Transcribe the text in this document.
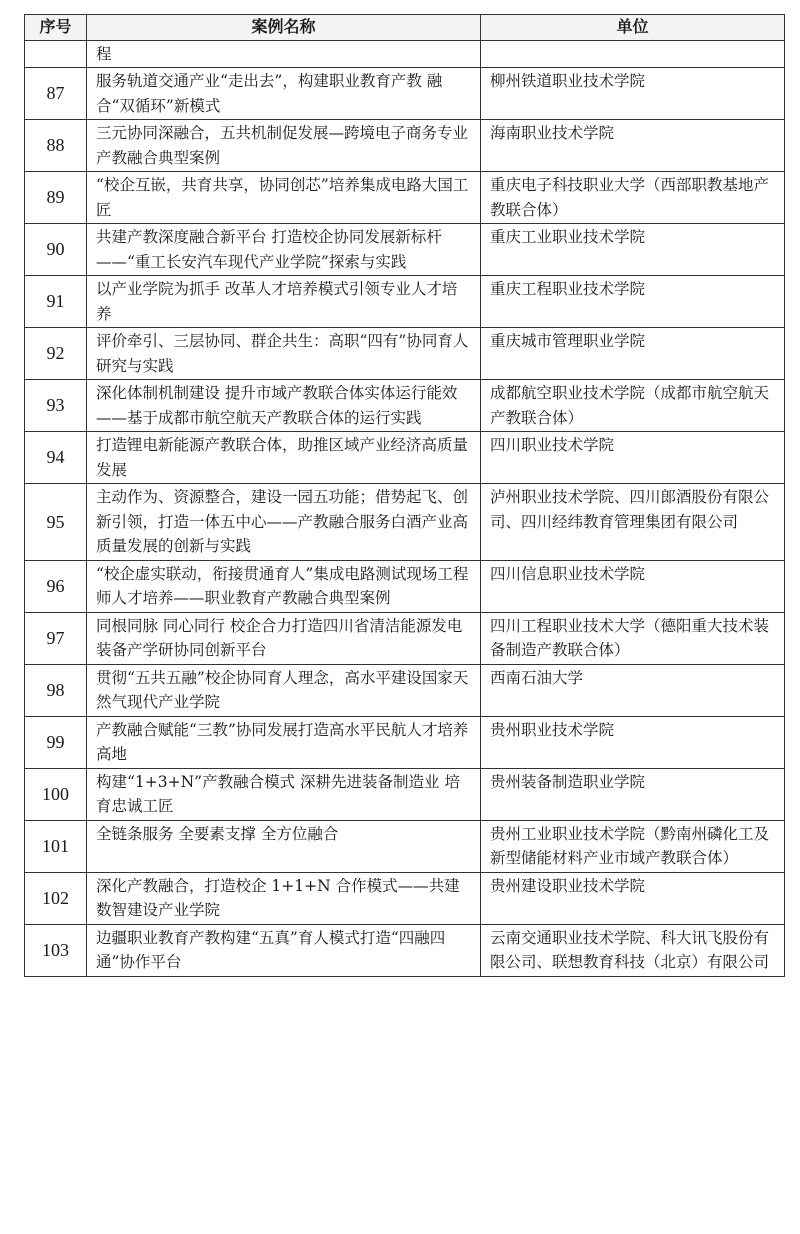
序号	案例名称	单位

	程	

87	服务轨道交通产业“走出去”，构建职业教育产教 融合“双循环”新模式	柳州铁道职业技术学院

88	三元协同深融合，五共机制促发展—跨境电子商务专业产教融合典型案例	海南职业技术学院

89	“校企互嵌，共育共享，协同创芯”培养集成电路大国工匠	重庆电子科技职业大学（西部职教基地产教联合体）

90	共建产教深度融合新平台 打造校企协同发展新标杆——“重工长安汽车现代产业学院”探索与实践	重庆工业职业技术学院

91	以产业学院为抓手 改革人才培养模式引领专业人才培养	重庆工程职业技术学院

92	评价牵引、三层协同、群企共生：高职“四有”协同育人研究与实践	重庆城市管理职业学院

93	深化体制机制建设 提升市域产教联合体实体运行能效——基于成都市航空航天产教联合体的运行实践	成都航空职业技术学院（成都市航空航天产教联合体）

94	打造锂电新能源产教联合体，助推区域产业经济高质量发展	四川职业技术学院

95	主动作为、资源整合，建设一园五功能；借势起飞、创新引领，打造一体五中心——产教融合服务白酒产业高质量发展的创新与实践	泸州职业技术学院、四川郎酒股份有限公司、四川经纬教育管理集团有限公司

96	“校企虚实联动，衔接贯通育人”集成电路测试现场工程师人才培养——职业教育产教融合典型案例	四川信息职业技术学院

97	同根同脉 同心同行 校企合力打造四川省清洁能源发电装备产学研协同创新平台	四川工程职业技术大学（德阳重大技术装备制造产教联合体）

98	贯彻“五共五融”校企协同育人理念，高水平建设国家天然气现代产业学院	西南石油大学

99	产教融合赋能“三教”协同发展打造高水平民航人才培养高地	贵州职业技术学院

100	构建“1+3+N”产教融合模式 深耕先进装备制造业 培育忠诚工匠	贵州装备制造职业学院

101	全链条服务 全要素支撑 全方位融合	贵州工业职业技术学院（黔南州磷化工及新型储能材料产业市域产教联合体）

102	深化产教融合，打造校企 1+1+N 合作模式——共建数智建设产业学院	贵州建设职业技术学院

103	边疆职业教育产教构建“五真”育人模式打造“四融四通”协作平台	云南交通职业技术学院、科大讯飞股份有限公司、联想教育科技（北京）有限公司
